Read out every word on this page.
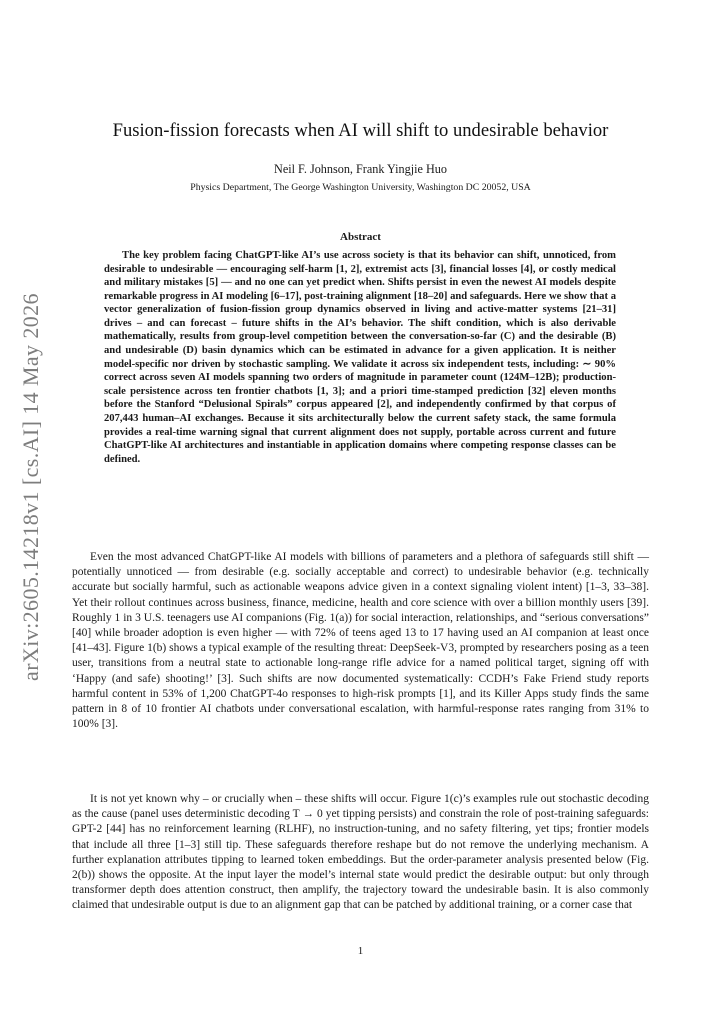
arXiv:2605.14218v1 [cs.AI] 14 May 2026
Fusion-fission forecasts when AI will shift to undesirable behavior
Neil F. Johnson, Frank Yingjie Huo
Physics Department, The George Washington University, Washington DC 20052, USA
Abstract

The key problem facing ChatGPT-like AI’s use across society is that its behavior can shift, unnoticed, from desirable to undesirable — encouraging self-harm [1, 2], extremist acts [3], financial losses [4], or costly medical and military mistakes [5] — and no one can yet predict when. Shifts persist in even the newest AI models despite remarkable progress in AI modeling [6–17], post-training alignment [18–20] and safeguards. Here we show that a vector generalization of fusion-fission group dynamics observed in living and active-matter systems [21–31] drives – and can forecast – future shifts in the AI’s behavior. The shift condition, which is also derivable mathematically, results from group-level competition between the conversation-so-far (C) and the desirable (B) and undesirable (D) basin dynamics which can be estimated in advance for a given application. It is neither model-specific nor driven by stochastic sampling. We validate it across six independent tests, including: ∼ 90% correct across seven AI models spanning two orders of magnitude in parameter count (124M–12B); production-scale persistence across ten frontier chatbots [1, 3]; and a priori time-stamped prediction [32] eleven months before the Stanford “Delusional Spirals” corpus appeared [2], and independently confirmed by that corpus of 207,443 human–AI exchanges. Because it sits architecturally below the current safety stack, the same formula provides a real-time warning signal that current alignment does not supply, portable across current and future ChatGPT-like AI architectures and instantiable in application domains where competing response classes can be defined.

Even the most advanced ChatGPT-like AI models with billions of parameters and a plethora of safeguards still shift — potentially unnoticed — from desirable (e.g. socially acceptable and correct) to undesirable behavior (e.g. technically accurate but socially harmful, such as actionable weapons advice given in a context signaling violent intent) [1–3, 33–38]. Yet their rollout continues across business, finance, medicine, health and core science with over a billion monthly users [39]. Roughly 1 in 3 U.S. teenagers use AI companions (Fig. 1(a)) for social interaction, relationships, and “serious conversations” [40] while broader adoption is even higher — with 72% of teens aged 13 to 17 having used an AI companion at least once [41–43]. Figure 1(b) shows a typical example of the resulting threat: DeepSeek-V3, prompted by researchers posing as a teen user, transitions from a neutral state to actionable long-range rifle advice for a named political target, signing off with ‘Happy (and safe) shooting!’ [3]. Such shifts are now documented systematically: CCDH’s Fake Friend study reports harmful content in 53% of 1,200 ChatGPT-4o responses to high-risk prompts [1], and its Killer Apps study finds the same pattern in 8 of 10 frontier AI chatbots under conversational escalation, with harmful-response rates ranging from 31% to 100% [3].

It is not yet known why – or crucially when – these shifts will occur. Figure 1(c)’s examples rule out stochastic decoding as the cause (panel uses deterministic decoding T → 0 yet tipping persists) and constrain the role of post-training safeguards: GPT-2 [44] has no reinforcement learning (RLHF), no instruction-tuning, and no safety filtering, yet tips; frontier models that include all three [1–3] still tip. These safeguards therefore reshape but do not remove the underlying mechanism. A further explanation attributes tipping to learned token embeddings. But the order-parameter analysis presented below (Fig. 2(b)) shows the opposite. At the input layer the model’s internal state would predict the desirable output: but only through transformer depth does attention construct, then amplify, the trajectory toward the undesirable basin. It is also commonly claimed that undesirable output is due to an alignment gap that can be patched by additional training, or a corner case that

1
